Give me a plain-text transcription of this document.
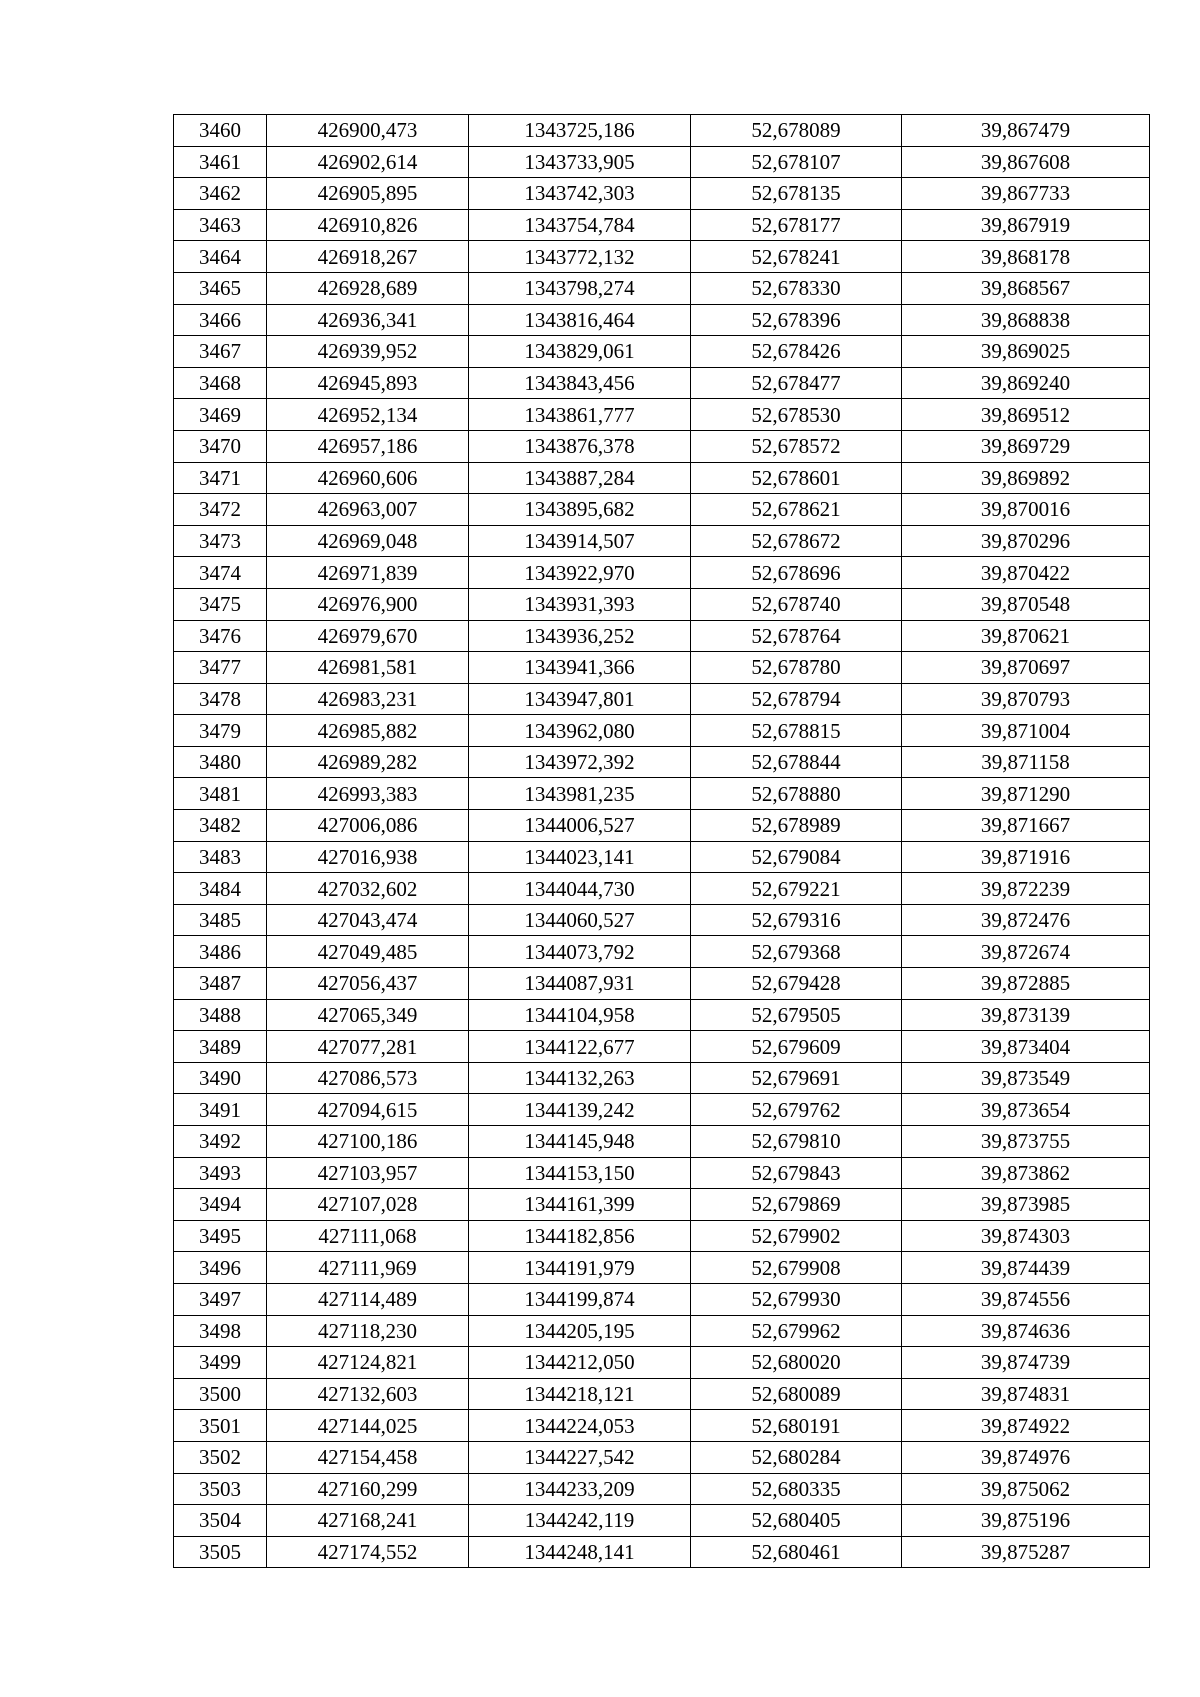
3460	426900,473	1343725,186	52,678089	39,867479
3461	426902,614	1343733,905	52,678107	39,867608
3462	426905,895	1343742,303	52,678135	39,867733
3463	426910,826	1343754,784	52,678177	39,867919
3464	426918,267	1343772,132	52,678241	39,868178
3465	426928,689	1343798,274	52,678330	39,868567
3466	426936,341	1343816,464	52,678396	39,868838
3467	426939,952	1343829,061	52,678426	39,869025
3468	426945,893	1343843,456	52,678477	39,869240
3469	426952,134	1343861,777	52,678530	39,869512
3470	426957,186	1343876,378	52,678572	39,869729
3471	426960,606	1343887,284	52,678601	39,869892
3472	426963,007	1343895,682	52,678621	39,870016
3473	426969,048	1343914,507	52,678672	39,870296
3474	426971,839	1343922,970	52,678696	39,870422
3475	426976,900	1343931,393	52,678740	39,870548
3476	426979,670	1343936,252	52,678764	39,870621
3477	426981,581	1343941,366	52,678780	39,870697
3478	426983,231	1343947,801	52,678794	39,870793
3479	426985,882	1343962,080	52,678815	39,871004
3480	426989,282	1343972,392	52,678844	39,871158
3481	426993,383	1343981,235	52,678880	39,871290
3482	427006,086	1344006,527	52,678989	39,871667
3483	427016,938	1344023,141	52,679084	39,871916
3484	427032,602	1344044,730	52,679221	39,872239
3485	427043,474	1344060,527	52,679316	39,872476
3486	427049,485	1344073,792	52,679368	39,872674
3487	427056,437	1344087,931	52,679428	39,872885
3488	427065,349	1344104,958	52,679505	39,873139
3489	427077,281	1344122,677	52,679609	39,873404
3490	427086,573	1344132,263	52,679691	39,873549
3491	427094,615	1344139,242	52,679762	39,873654
3492	427100,186	1344145,948	52,679810	39,873755
3493	427103,957	1344153,150	52,679843	39,873862
3494	427107,028	1344161,399	52,679869	39,873985
3495	427111,068	1344182,856	52,679902	39,874303
3496	427111,969	1344191,979	52,679908	39,874439
3497	427114,489	1344199,874	52,679930	39,874556
3498	427118,230	1344205,195	52,679962	39,874636
3499	427124,821	1344212,050	52,680020	39,874739
3500	427132,603	1344218,121	52,680089	39,874831
3501	427144,025	1344224,053	52,680191	39,874922
3502	427154,458	1344227,542	52,680284	39,874976
3503	427160,299	1344233,209	52,680335	39,875062
3504	427168,241	1344242,119	52,680405	39,875196
3505	427174,552	1344248,141	52,680461	39,875287
